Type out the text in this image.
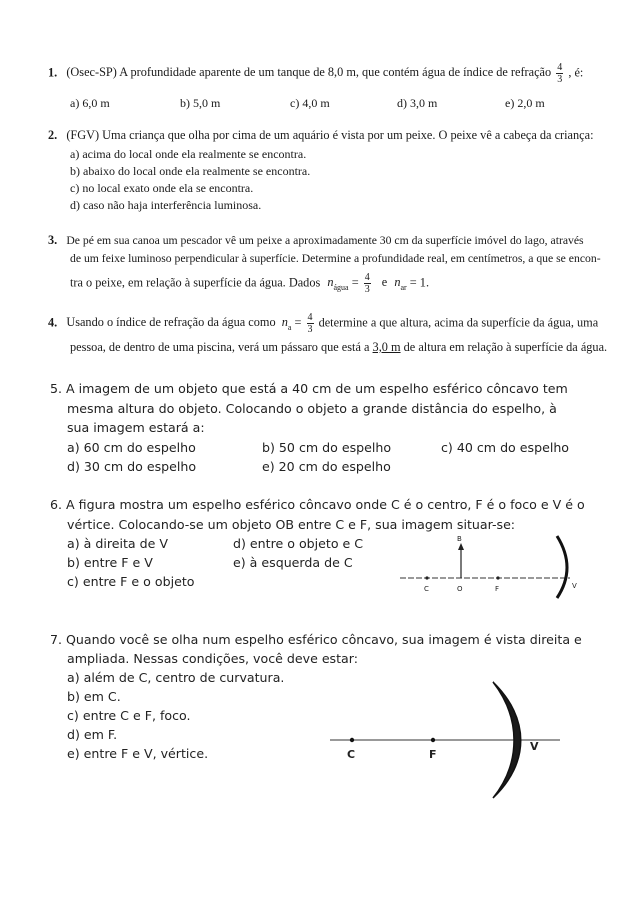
1. (Osec-SP) A profundidade aparente de um tanque de 8,0 m, que contém água de índice de refração $\frac{4}{3}$ , é:
a) 6,0 m	b) 5,0 m	c) 4,0 m	d) 3,0 m	e) 2,0 m
2. (FGV) Uma criança que olha por cima de um aquário é vista por um peixe. O peixe vê a cabeça da criança:
a) acima do local onde ela realmente se encontra.
b) abaixo do local onde ela realmente se encontra.
c) no local exato onde ela se encontra.
d) caso não haja interferência luminosa.
3. De pé em sua canoa um pescador vê um peixe a aproximadamente 30 cm da superfície imóvel do lago, através
de um feixe luminoso perpendicular à superfície. Determine a profundidade real, em centímetros, a que se encon-
tra o peixe, em relação à superfície da água. Dados $n_{água} = \frac{4}{3}$ e $n_{ar} = 1$.
4. Usando o índice de refração da água como $n_a = \frac{4}{3}$ determine a que altura, acima da superfície da água, uma
pessoa, de dentro de uma piscina, verá um pássaro que está a 3,0 m de altura em relação à superfície da água.
5. A imagem de um objeto que está a 40 cm de um espelho esférico côncavo tem
mesma altura do objeto. Colocando o objeto a grande distância do espelho, à
sua imagem estará a:
a) 60 cm do espelho	b) 50 cm do espelho	c) 40 cm do espelho
d) 30 cm do espelho	e) 20 cm do espelho
6. A figura mostra um espelho esférico côncavo onde C é o centro, F é o foco e V é o
vértice. Colocando-se um objeto OB entre C e F, sua imagem situar-se:
a) à direita de V	d) entre o objeto e C
b) entre F e V	e) à esquerda de C
c) entre F e o objeto
B
C	O	F	V
7. Quando você se olha num espelho esférico côncavo, sua imagem é vista direita e
ampliada. Nessas condições, você deve estar:
a) além de C, centro de curvatura.
b) em C.
c) entre C e F, foco.
d) em F.
e) entre F e V, vértice.	C	F
V
